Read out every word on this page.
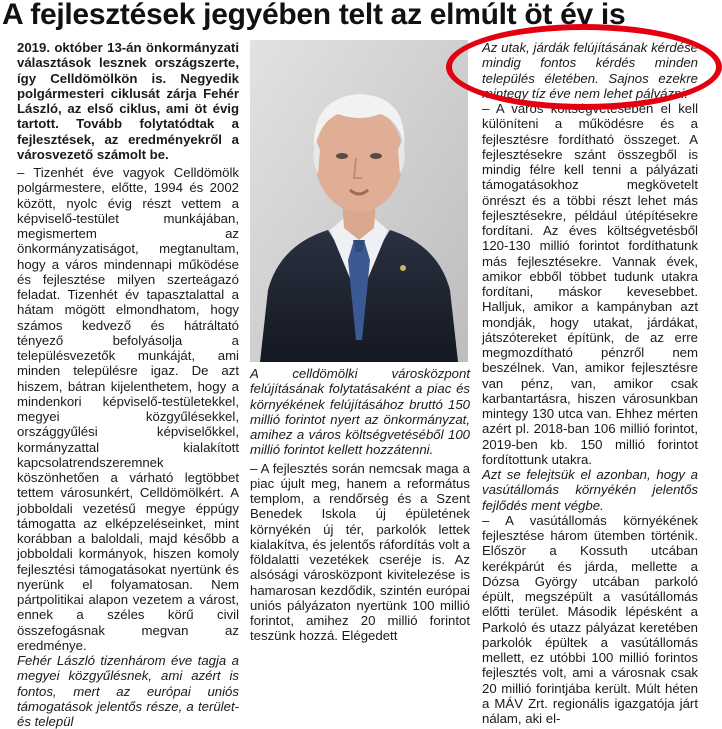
A fejlesztések jegyében telt az elmúlt öt év is

2019. október 13-án önkormányzati választások lesznek országszerte, így Celldömölkön is. Negyedik polgármesteri ciklusát zárja Fehér László, az első ciklus, ami öt évig tartott. Tovább folytatódtak a fejlesztések, az eredményekről a városvezető számolt be.

– Tizenhét éve vagyok Celldömölk polgármestere, előtte, 1994 és 2002 között, nyolc évig részt vettem a képviselő-testület munkájában, megismertem az önkormányzatiságot, megtanultam, hogy a város mindennapi működése és fejlesztése milyen szerteágazó feladat. Tizenhét év tapasztalattal a hátam mögött elmondhatom, hogy számos kedvező és hátráltató tényező befolyásolja a településvezetők munkáját, ami minden településre igaz. De azt hiszem, bátran kijelenthetem, hogy a mindenkori képviselő-testületekkel, megyei közgyűlésekkel, országgyűlési képviselőkkel, kormányzattal kialakított kapcsolatrendszeremnek köszönhetően a várható legtöbbet tettem városunkért, Celldömölkért. A jobboldali vezetésű megye éppúgy támogatta az elképzeléseinket, mint korábban a baloldali, majd később a jobboldali kormányok, hiszen komoly fejlesztési támogatásokat nyertünk és nyerünk el folyamatosan. Nem pártpolitikai alapon vezetem a várost, ennek a széles körű civil összefogásnak megvan az eredménye.

Fehér László tizenhárom éve tagja a megyei közgyűlésnek, ami azért is fontos, mert az európai uniós támogatások jelentős része, a terület- és települ

A celldömölki városközpont felújításának folytatásaként a piac és környékének felújításához bruttó 150 millió forintot nyert az önkormányzat, amihez a város költségvetéséből 100 millió forintot kellett hozzátenni.

– A fejlesztés során nemcsak maga a piac újult meg, hanem a református templom, a rendőrség és a Szent Benedek Iskola új épületének környékén új tér, parkolók lettek kialakítva, és jelentős ráfordítás volt a földalatti vezetékek cseréje is. Az alsósági városközpont kivitelezése is hamarosan kezdődik, szintén európai uniós pályázaton nyertünk 100 millió forintot, amihez 20 millió forintot teszünk hozzá. Elégedett

Az utak, járdák felújításának kérdése mindig fontos kérdés minden település életében. Sajnos ezekre mintegy tíz éve nem lehet pályázni.

– A város költségvetésében el kell különíteni a működésre és a fejlesztésre fordítható összeget. A fejlesztésekre szánt összegből is mindig félre kell tenni a pályázati támogatásokhoz megkövetelt önrészt és a többi részt lehet más fejlesztésekre, például útépítésekre fordítani. Az éves költségvetésből 120-130 millió forintot fordíthatunk más fejlesztésekre. Vannak évek, amikor ebből többet tudunk utakra fordítani, máskor kevesebbet. Halljuk, amikor a kampányban azt mondják, hogy utakat, járdákat, játszótereket építünk, de az erre megmozdítható pénzről nem beszélnek. Van, amikor fejlesztésre van pénz, van, amikor csak karbantartásra, hiszen városunkban mintegy 130 utca van. Ehhez mérten azért pl. 2018-ban 106 millió forintot, 2019-ben kb. 150 millió forintot fordítottunk utakra.

Azt se felejtsük el azonban, hogy a vasútállomás környékén jelentős fejlődés ment végbe.

– A vasútállomás környékének fejlesztése három ütemben történik. Először a Kossuth utcában kerékpárút és járda, mellette a Dózsa György utcában parkoló épült, megszépült a vasútállomás előtti terület. Második lépésként a Parkoló és utazz pályázat keretében parkolók épültek a vasútállomás mellett, ez utóbbi 100 millió forintos fejlesztés volt, ami a városnak csak 20 millió forintjába került. Múlt héten a MÁV Zrt. regionális igazgatója járt nálam, aki el-
